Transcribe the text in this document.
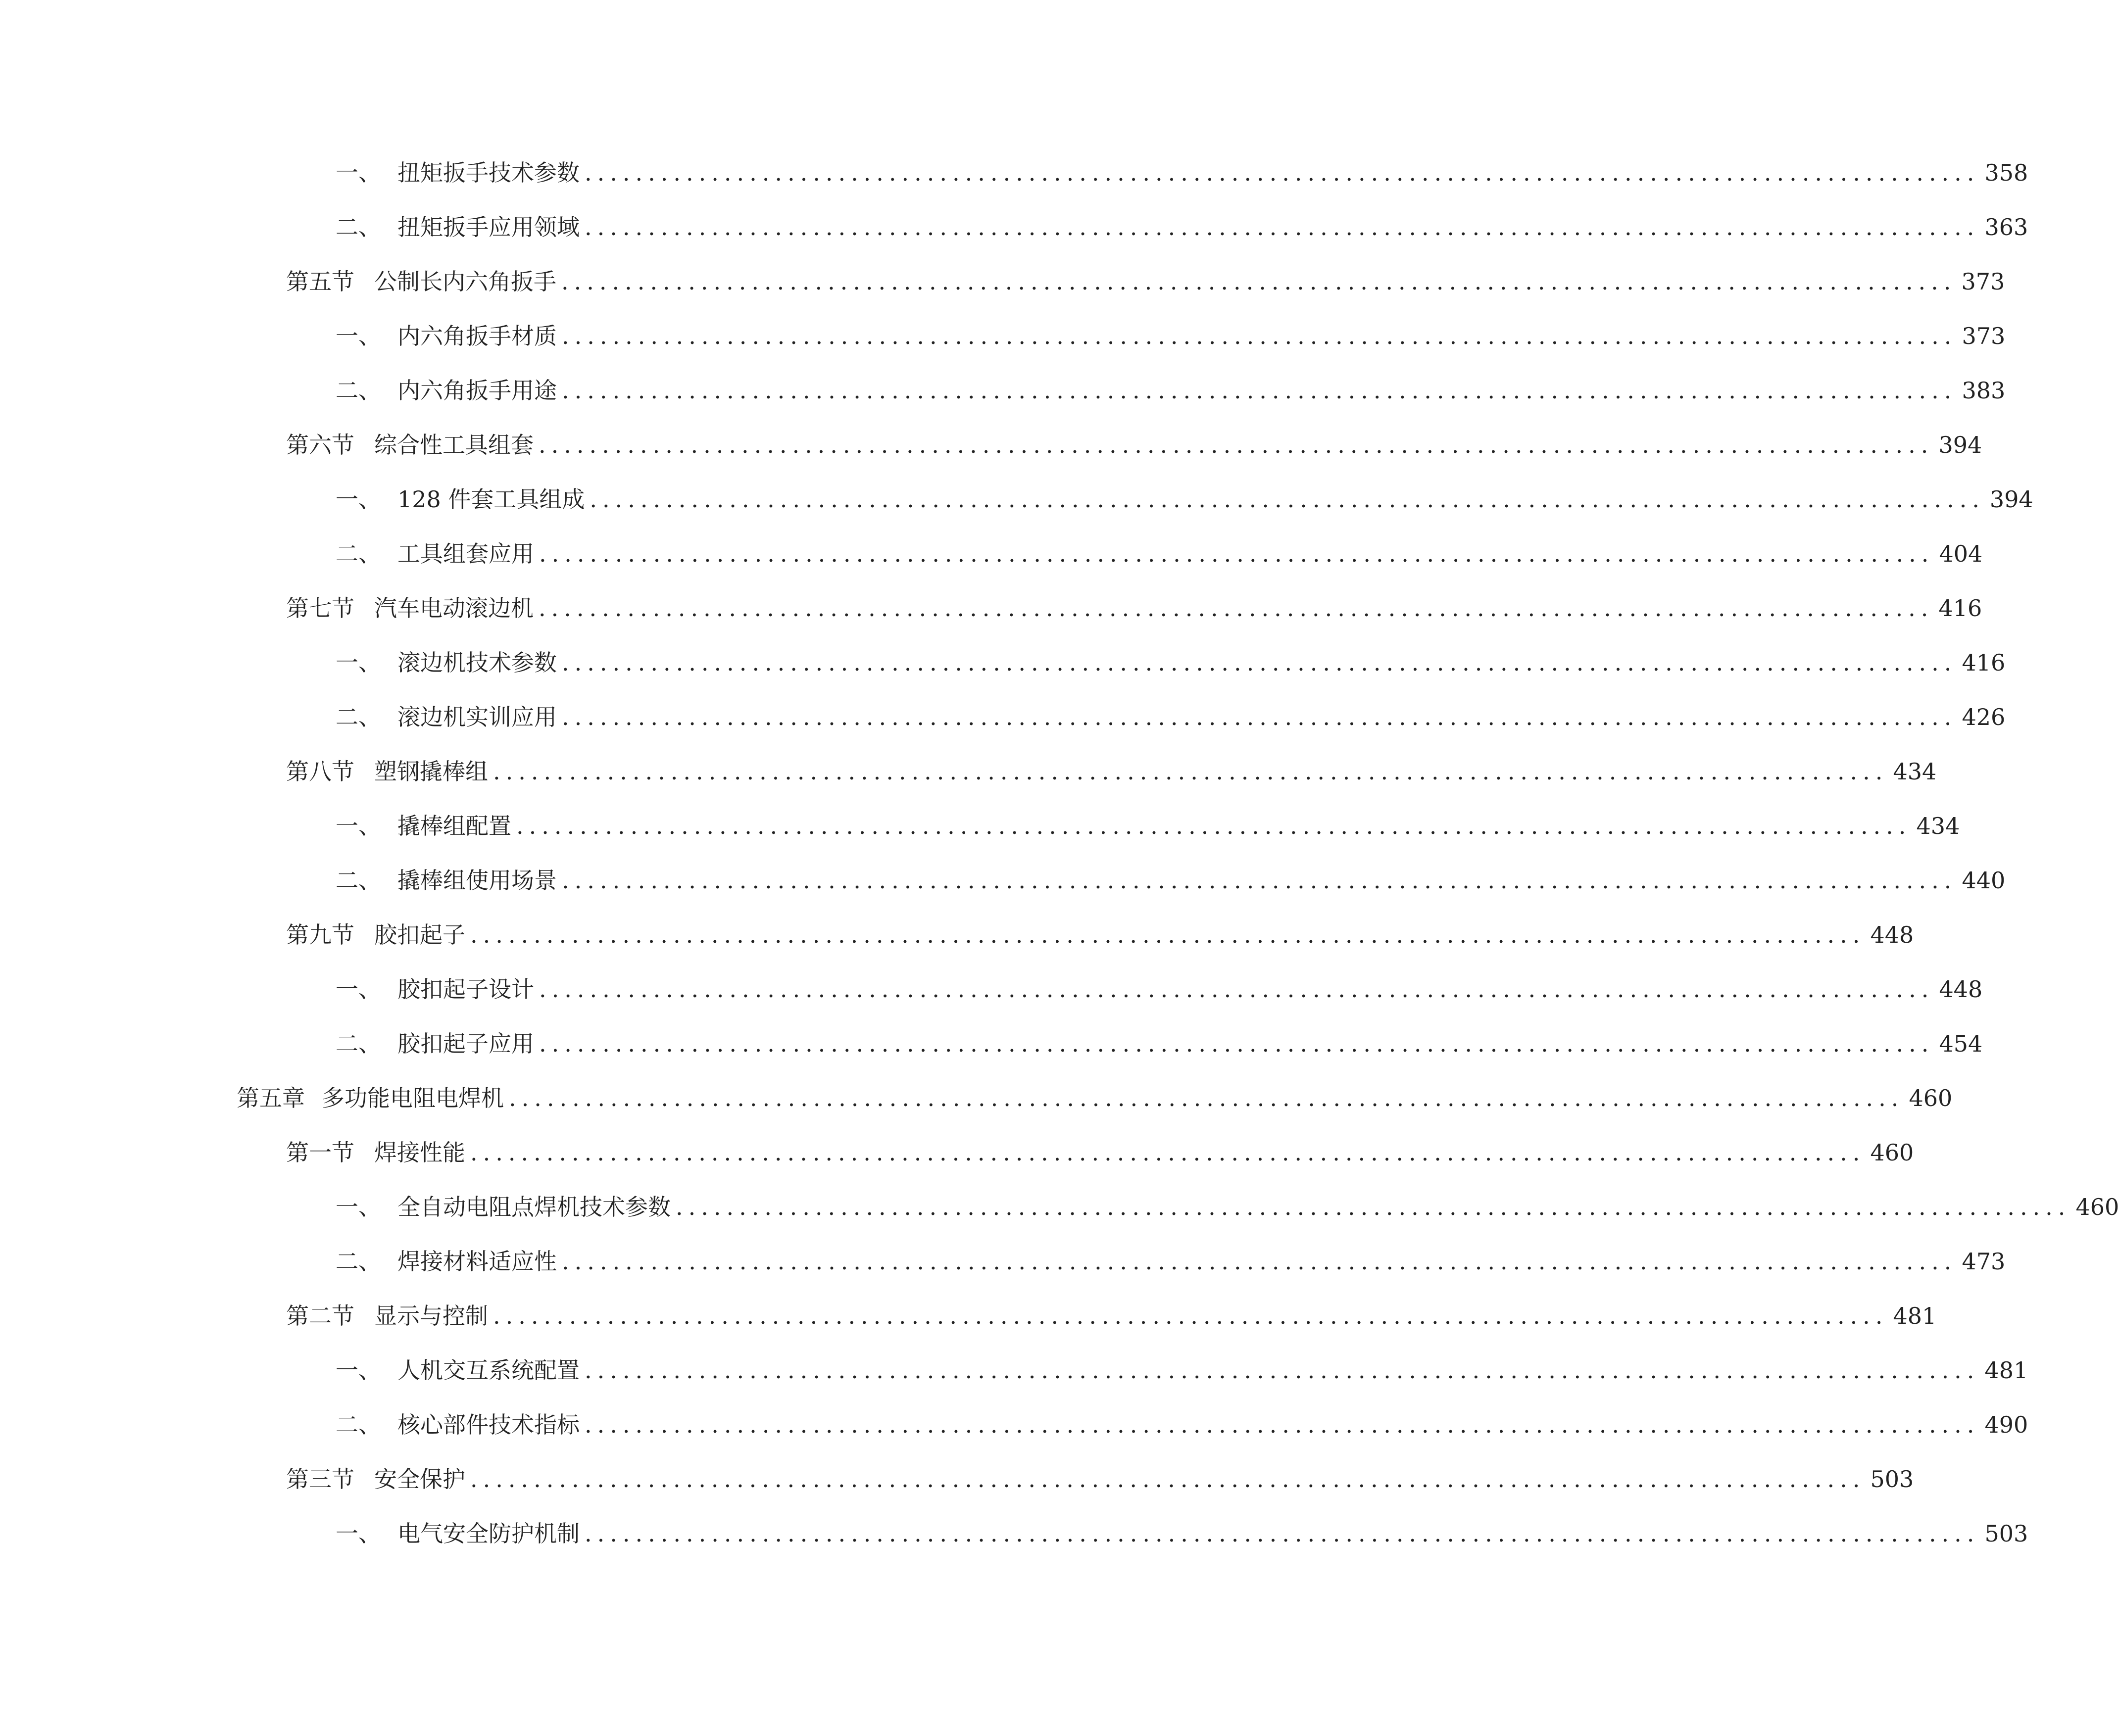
一、 扭矩扳手技术参数 .............................................................................................................. 358
二、 扭矩扳手应用领域 .............................................................................................................. 363
第五节 公制长内六角扳手 .............................................................................................................. 373
一、 内六角扳手材质 .............................................................................................................. 373
二、 内六角扳手用途 .............................................................................................................. 383
第六节 综合性工具组套 .............................................................................................................. 394
一、 128 件套工具组成 .............................................................................................................. 394
二、 工具组套应用 .............................................................................................................. 404
第七节 汽车电动滚边机 .............................................................................................................. 416
一、 滚边机技术参数 .............................................................................................................. 416
二、 滚边机实训应用 .............................................................................................................. 426
第八节 塑钢撬棒组 .............................................................................................................. 434
一、 撬棒组配置 .............................................................................................................. 434
二、 撬棒组使用场景 .............................................................................................................. 440
第九节 胶扣起子 .............................................................................................................. 448
一、 胶扣起子设计 .............................................................................................................. 448
二、 胶扣起子应用 .............................................................................................................. 454
第五章 多功能电阻电焊机 .............................................................................................................. 460
第一节 焊接性能 .............................................................................................................. 460
一、 全自动电阻点焊机技术参数 .............................................................................................................. 460
二、 焊接材料适应性 .............................................................................................................. 473
第二节 显示与控制 .............................................................................................................. 481
一、 人机交互系统配置 .............................................................................................................. 481
二、 核心部件技术指标 .............................................................................................................. 490
第三节 安全保护 .............................................................................................................. 503
一、 电气安全防护机制 .............................................................................................................. 503
